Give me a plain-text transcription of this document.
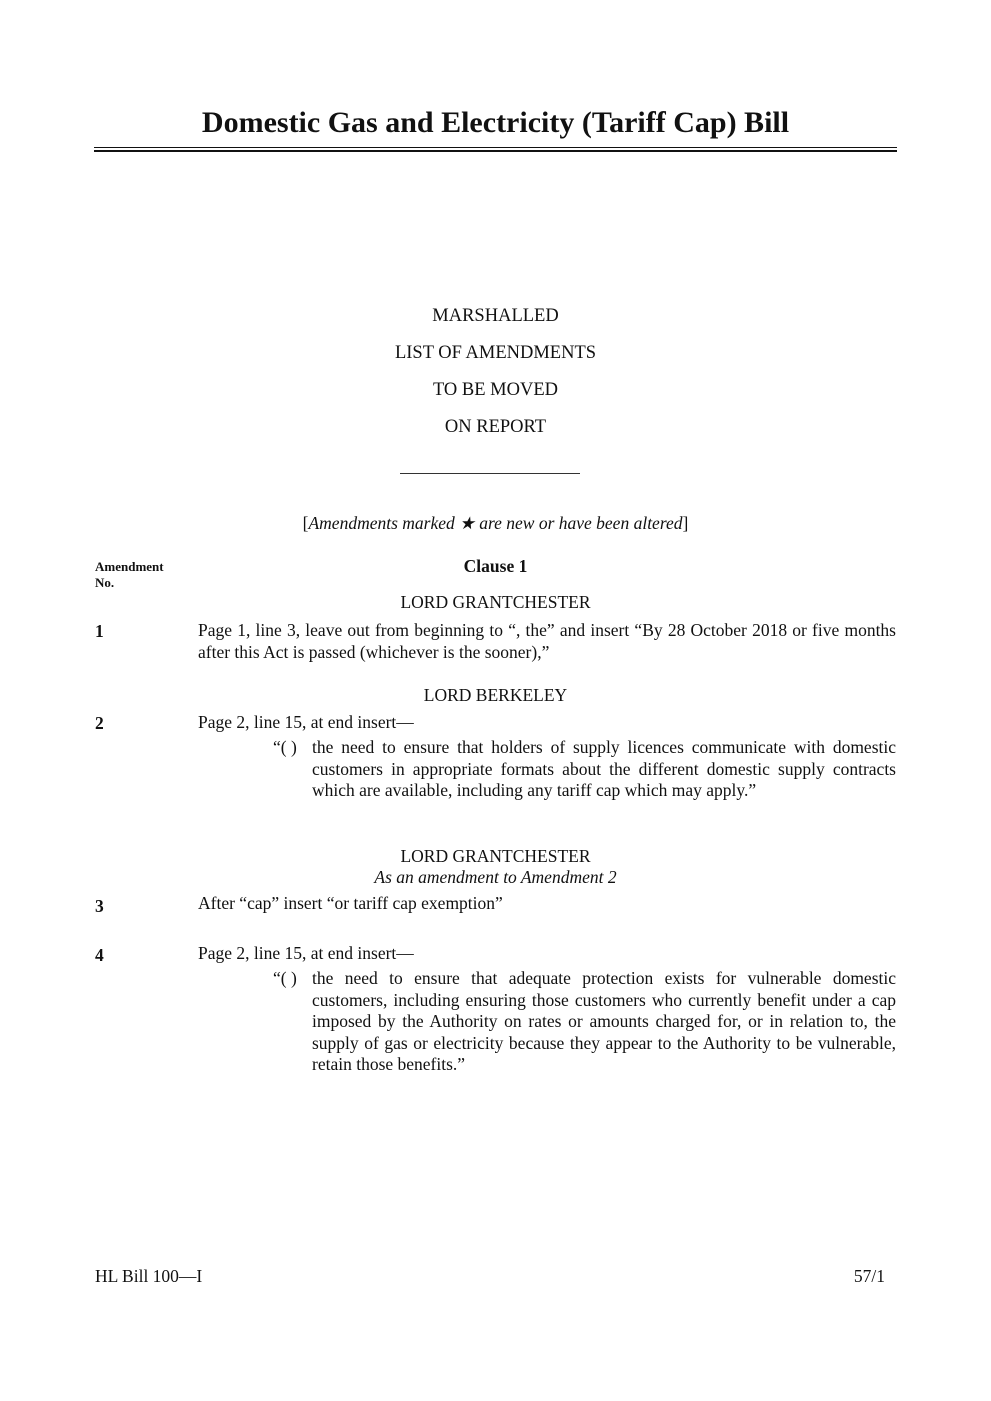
Domestic Gas and Electricity (Tariff Cap) Bill
MARSHALLED
LIST OF AMENDMENTS
TO BE MOVED
ON REPORT
[Amendments marked ★ are new or have been altered]
Amendment No.
Clause 1
LORD GRANTCHESTER
1	Page 1, line 3, leave out from beginning to “, the” and insert “By 28 October 2018 or five months after this Act is passed (whichever is the sooner),”
LORD BERKELEY
2	Page 2, line 15, at end insert—
“( ) the need to ensure that holders of supply licences communicate with domestic customers in appropriate formats about the different domestic supply contracts which are available, including any tariff cap which may apply.”
LORD GRANTCHESTER
As an amendment to Amendment 2
3	After “cap” insert “or tariff cap exemption”
4	Page 2, line 15, at end insert—
“( ) the need to ensure that adequate protection exists for vulnerable domestic customers, including ensuring those customers who currently benefit under a cap imposed by the Authority on rates or amounts charged for, or in relation to, the supply of gas or electricity because they appear to the Authority to be vulnerable, retain those benefits.”
HL Bill 100—I	57/1
